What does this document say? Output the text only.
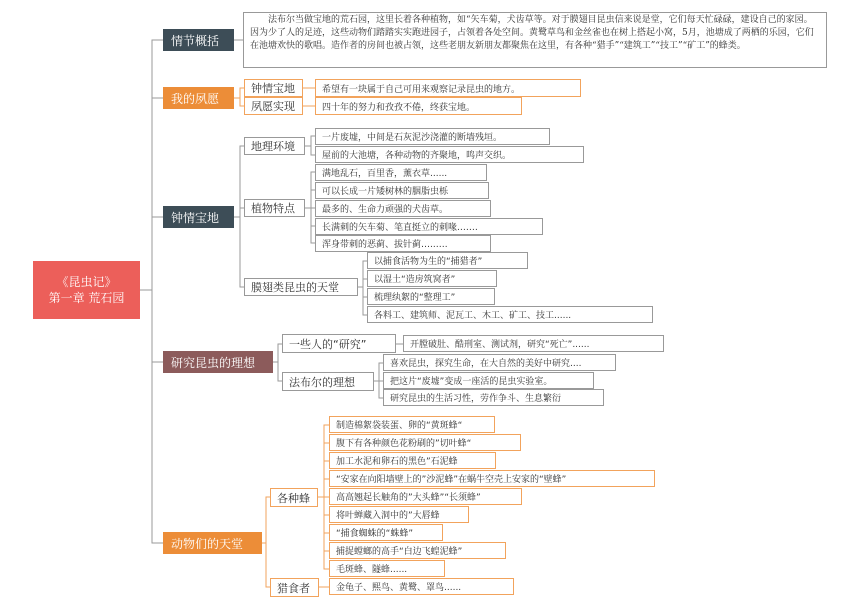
《昆虫记》
第一章 荒石园
情节概括
我的夙愿
钟情宝地
研究昆虫的理想
动物们的天堂
法布尔当做宝地的荒石园，这里长着各种植物，如“矢车菊，犬齿草等。对于膜翅目昆虫信来说是堂，它们每天忙碌碌，建设自己的家园。因为少了人的足迹，这些动物们踏踏实实跑进园子，占领着各处空间。黄鹭草鸟和金丝雀也在树上搭起小窝，5月，池塘成了两栖的乐园，它们在池塘欢快的歌唱。造作者的房间也被占领，这些老朋友新朋友都聚焦在这里，有各种“猎手”“建筑工”“技工”“矿工”的蜂类。
钟情宝地
夙愿实现
希望有一块属于自己可用来观察记录昆虫的地方。
四十年的努力和孜孜不倦，终获宝地。
地理环境
植物特点
膜翅类昆虫的天堂
一片废墟，中间是石灰泥沙浇灌的断墙残垣。
屋前的大池塘，各种动物的齐聚地，鸣声交织。
满地乱石，百里香，薰衣草......
可以长成一片矮树林的胭脂虫栎
最多的、生命力顽强的犬齿草。
长满刺的矢车菊、笔直挺立的刺喙.……
浑身带刺的恶蓟、拔针蓟…..….
以捕食活物为生的“捕猎者”
以湿土“造房筑窝者”
梳理纨絮的“整理工”
各料工、建筑师、泥瓦工、木工、矿工、技工......
一些人的“研究”
法布尔的理想
开膛破肚、酷刑室、测试剂，研究“死亡”......
喜欢昆虫，探究生命，在大自然的美好中研究....
把这片“废墟”变成一座活的昆虫实验室。
研究昆虫的生活习性，劳作争斗、生息繁衍
各种蜂
猎食者
制造棉絮袋装蛋、卵的“黄斑蜂“
腹下有各种颜色花粉刷的”切叶蜂“
加工水泥和卵石的黑色”石泥蜂
“安家在向阳墙壁上的”沙泥蜂”在蜗牛空壳上安家的“壁蜂”
高高翘起长触角的”大头蜂”“长须蜂”
将叶蝉藏入洞中的”大唇蜂
“捕食蜘蛛的“蛛蜂”
捕捉螳螂的高手“白边飞蝗泥蜂”
毛斑蜂、隧蜂......
金龟子、熙鸟、黄鹭、罩鸟......
